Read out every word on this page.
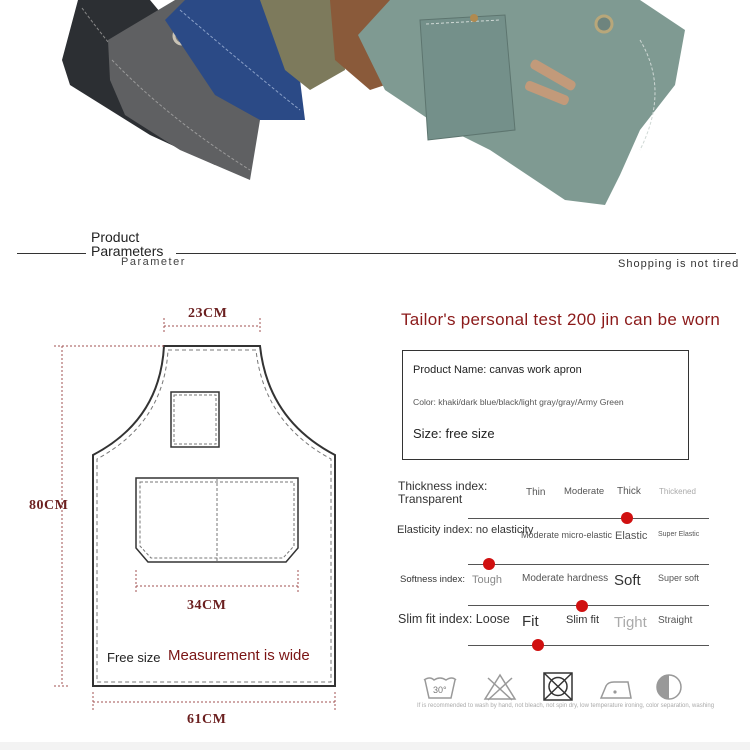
Product Parameters
Parameter	Shopping is not tired
23CM
80CM
34CM
61CM
Free size Measurement is wide
Tailor's personal test 200 jin can be worn
Product Name: canvas work apron
Color: khaki/dark blue/black/light gray/gray/Army Green
Size: free size
Thickness index: Transparent	Thin Moderate Thick Thickened
Elasticity index: no elasticity
Moderate micro-elastic Elastic Super Elastic
Softness index: Tough Moderate hardness Soft Super soft
Slim fit index: Loose Fit Slim fit Tight Straight
30°
If is recommended to wash by hand, not bleach, not spin dry, low temperature ironing, color separation, washing
